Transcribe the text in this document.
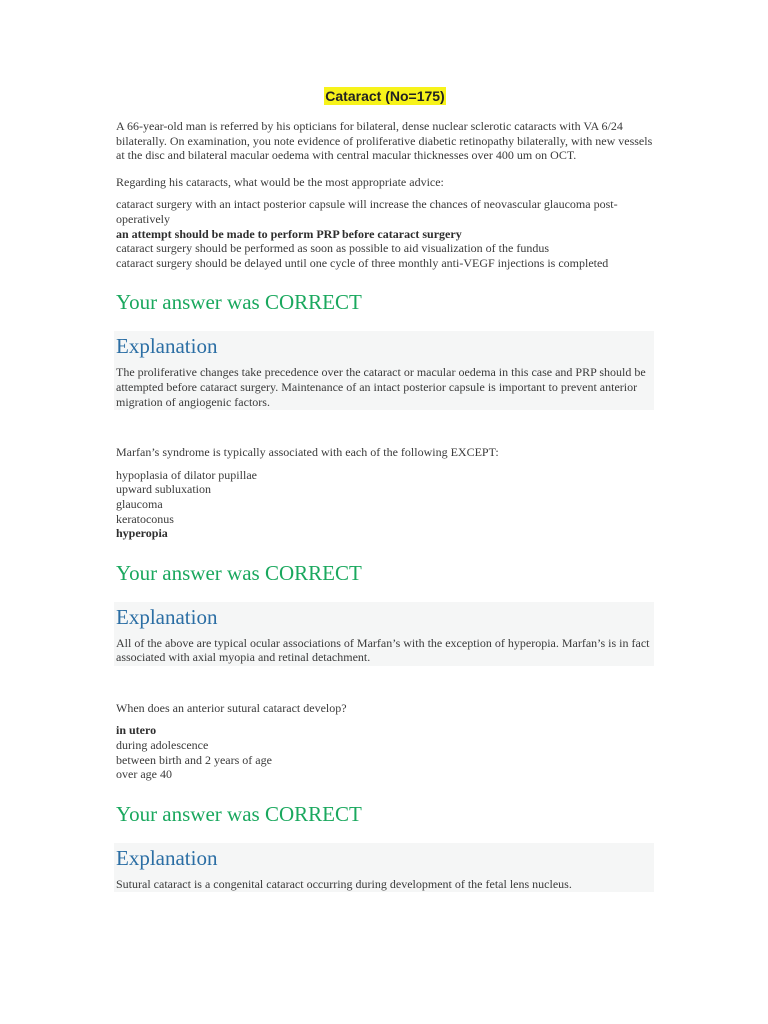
Cataract (No=175)

A 66-year-old man is referred by his opticians for bilateral, dense nuclear sclerotic cataracts with VA 6/24 bilaterally. On examination, you note evidence of proliferative diabetic retinopathy bilaterally, with new vessels at the disc and bilateral macular oedema with central macular thicknesses over 400 um on OCT.

Regarding his cataracts, what would be the most appropriate advice:

cataract surgery with an intact posterior capsule will increase the chances of neovascular glaucoma post-operatively
an attempt should be made to perform PRP before cataract surgery
cataract surgery should be performed as soon as possible to aid visualization of the fundus
cataract surgery should be delayed until one cycle of three monthly anti-VEGF injections is completed

Your answer was CORRECT

Explanation

The proliferative changes take precedence over the cataract or macular oedema in this case and PRP should be attempted before cataract surgery. Maintenance of an intact posterior capsule is important to prevent anterior migration of angiogenic factors.

Marfan’s syndrome is typically associated with each of the following EXCEPT:

hypoplasia of dilator pupillae
upward subluxation
glaucoma
keratoconus
hyperopia

Your answer was CORRECT

Explanation

All of the above are typical ocular associations of Marfan’s with the exception of hyperopia. Marfan’s is in fact associated with axial myopia and retinal detachment.

When does an anterior sutural cataract develop?

in utero
during adolescence
between birth and 2 years of age
over age 40

Your answer was CORRECT

Explanation

Sutural cataract is a congenital cataract occurring during development of the fetal lens nucleus.
